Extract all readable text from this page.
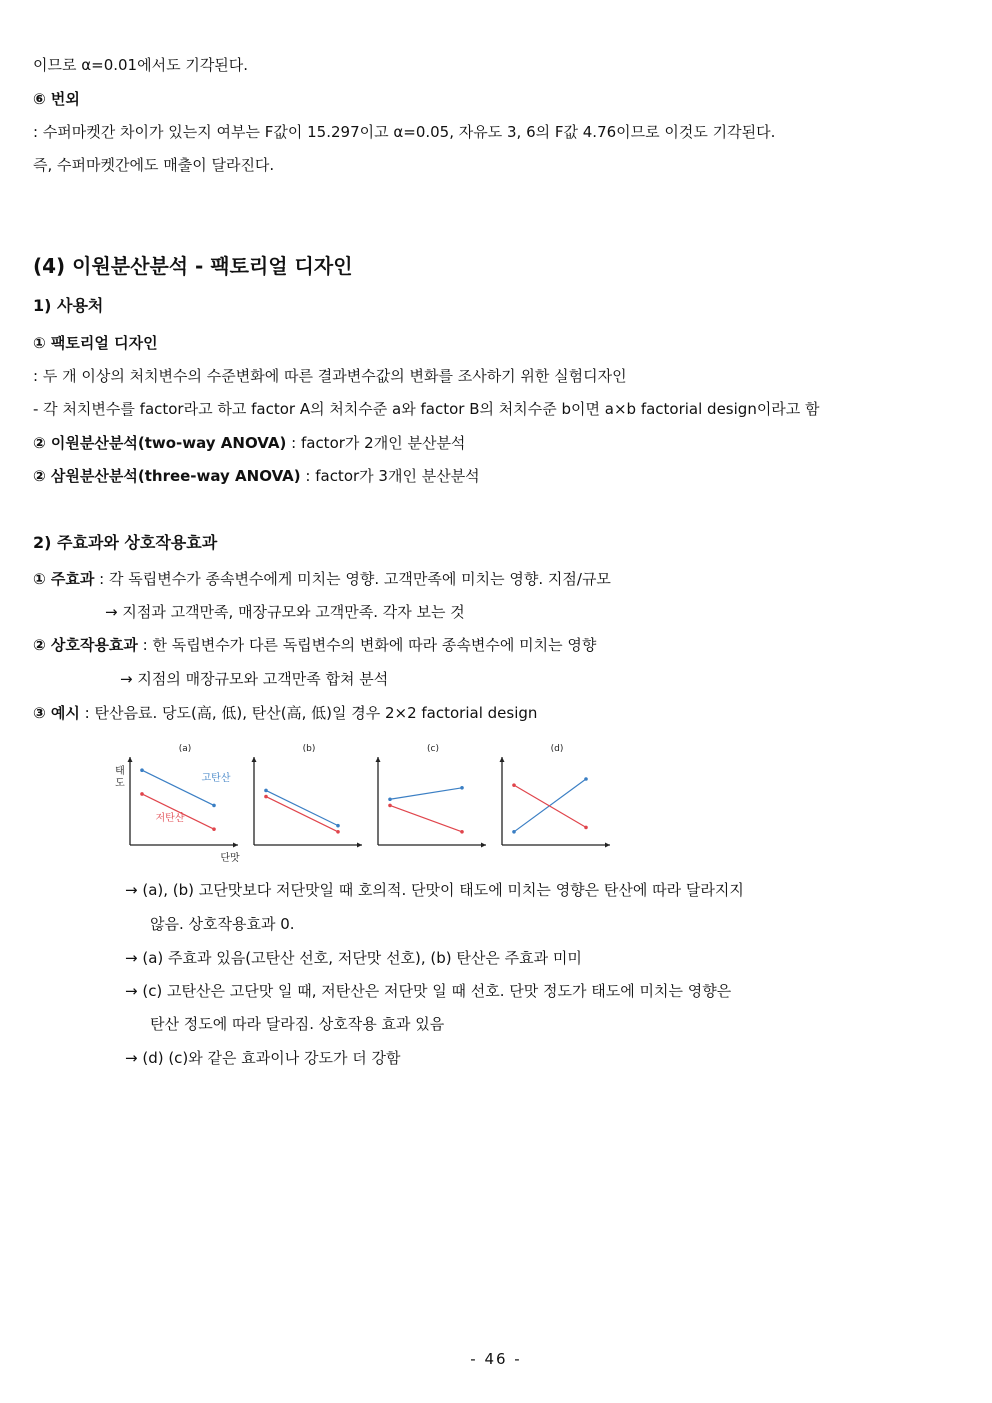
이므로 α=0.01에서도 기각된다.
⑥ 번외
: 수퍼마켓간 차이가 있는지 여부는 F값이 15.297이고 α=0.05, 자유도 3, 6의 F값 4.76이므로 이것도 기각된다.
즉, 수퍼마켓간에도 매출이 달라진다.
(4) 이원분산분석 - 팩토리얼 디자인
1) 사용처
① 팩토리얼 디자인
: 두 개 이상의 처치변수의 수준변화에 따른 결과변수값의 변화를 조사하기 위한 실험디자인
- 각 처치변수를 factor라고 하고 factor A의 처치수준 a와 factor B의 처치수준 b이면 a×b factorial design이라고 함
② 이원분산분석(two-way ANOVA) : factor가 2개인 분산분석
② 삼원분산분석(three-way ANOVA) : factor가 3개인 분산분석
2) 주효과와 상호작용효과
① 주효과 : 각 독립변수가 종속변수에게 미치는 영향. 고객만족에 미치는 영향. 지점/규모
→ 지점과 고객만족, 매장규모와 고객만족. 각자 보는 것
② 상호작용효과 : 한 독립변수가 다른 독립변수의 변화에 따라 종속변수에 미치는 영향
→ 지점의 매장규모와 고객만족 합쳐 분석
③ 예시 : 탄산음료. 당도(高, 低), 탄산(高, 低)일 경우 2×2 factorial design
(a)
태
도
단맛
고탄산
저탄산
(b)	(c)	(d)
→ (a), (b) 고단맛보다 저단맛일 때 호의적. 단맛이 태도에 미치는 영향은 탄산에 따라 달라지지
않음. 상호작용효과 0.
→ (a) 주효과 있음(고탄산 선호, 저단맛 선호), (b) 탄산은 주효과 미미
→ (c) 고탄산은 고단맛 일 때, 저탄산은 저단맛 일 때 선호. 단맛 정도가 태도에 미치는 영향은
탄산 정도에 따라 달라짐. 상호작용 효과 있음
→ (d) (c)와 같은 효과이나 강도가 더 강함
- 46 -
